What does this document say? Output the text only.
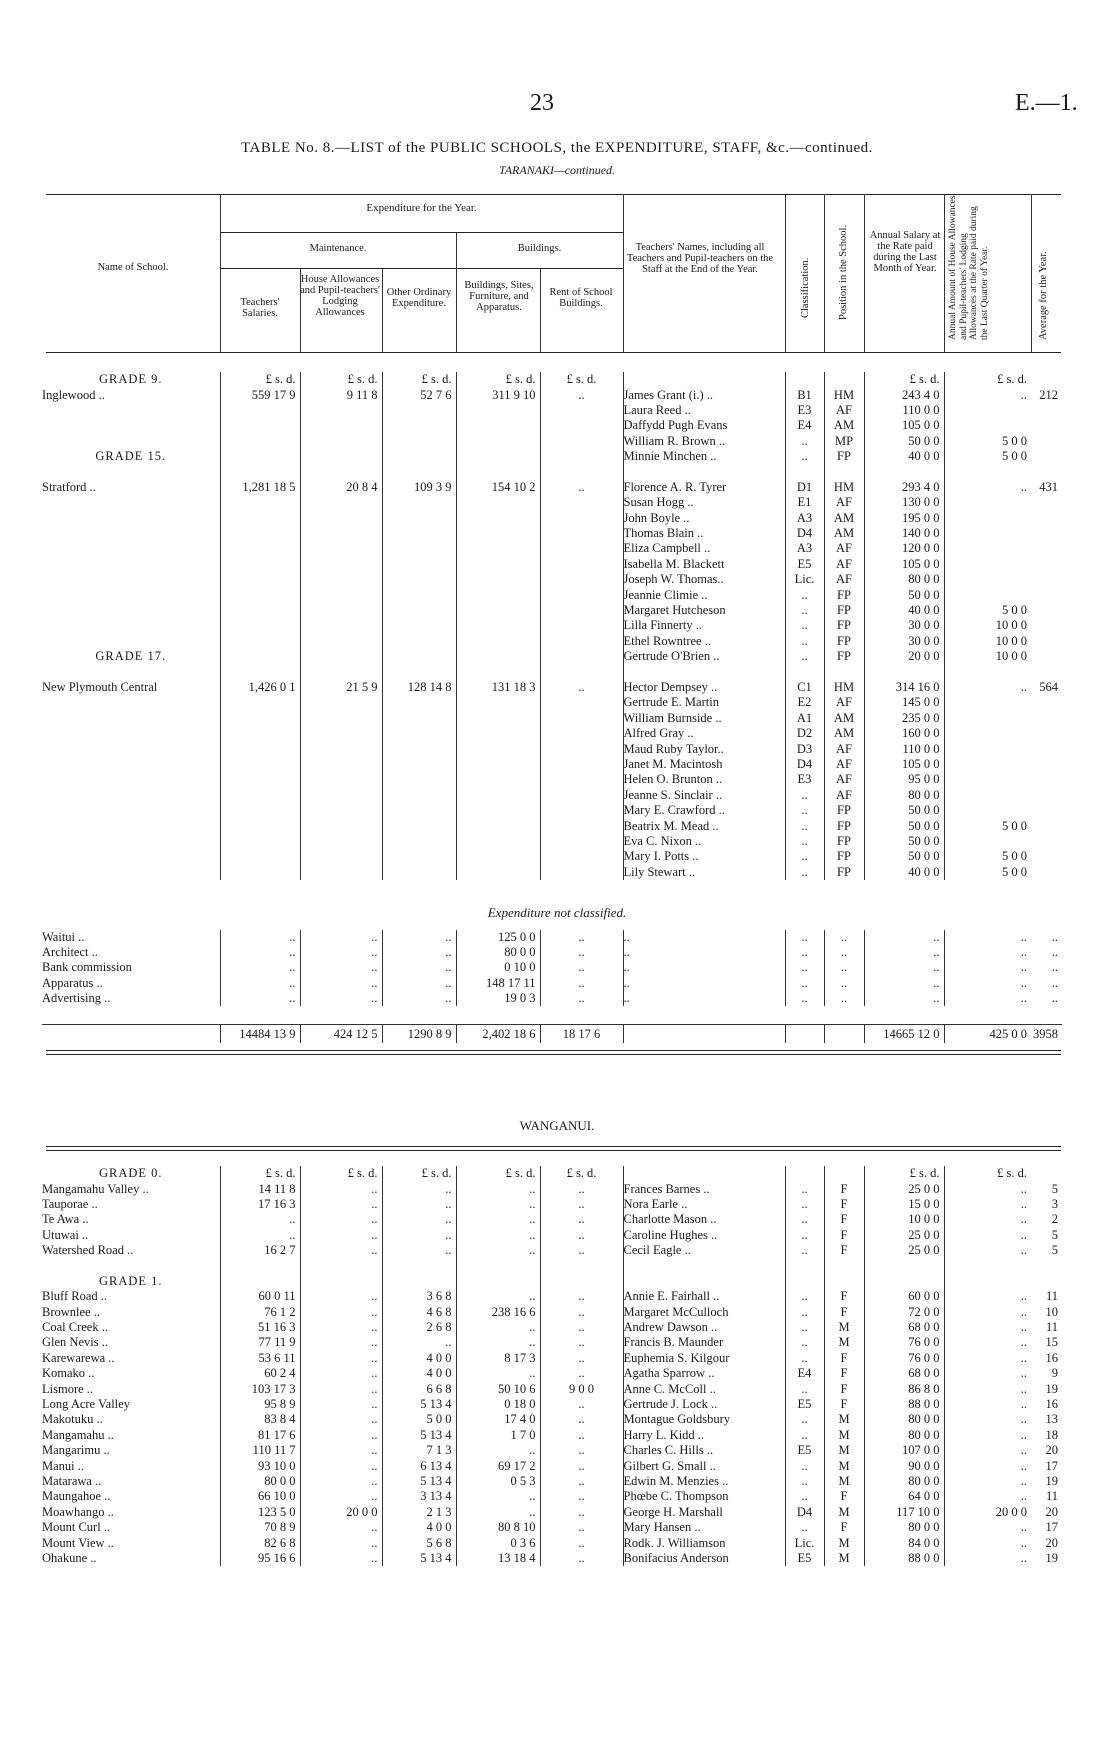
23	E.—1.
TABLE No. 8.—LIST of the PUBLIC SCHOOLS, the EXPENDITURE, STAFF, &c.—continued.
TARANAKI—continued.
Name of School.
Expenditure for the Year.
Maintenance.	Buildings.
Teachers' Salaries.
House Allowances and Pupil-teachers' Lodging Allowances
Other Ordinary Expenditure.
Buildings, Sites, Furniture, and Apparatus.
Rent of School Buildings.
Teachers' Names, including all Teachers and Pupil-teachers on the Staff at the End of the Year.	Classification.	Position in the School.	Annual Salary at the Rate paid during the Last Month of Year.	Annual Amount of House Allowances and Pupil-teachers' Lodging Allowances at the Rate paid during the Last Quarter of Year.	Average for the Year.
GRADE 9.	£ s. d.	£ s. d.	£ s. d.	£ s. d.	£ s. d.				£ s. d.	£ s. d.	
Inglewood ..	559 17 9	9 11 8	52 7 6	311 9 10	..	James Grant (i.) ..	B1	HM	243 4 0	..	212
						Laura Reed ..	E3	AF	110 0 0		
						Daffydd Pugh Evans	E4	AM	105 0 0		
						William R. Brown ..	..	MP	50 0 0	5 0 0	
GRADE 15.						Minnie Minchen ..	..	FP	40 0 0	5 0 0	

Stratford ..	1,281 18 5	20 8 4	109 3 9	154 10 2	..	Florence A. R. Tyrer	D1	HM	293 4 0	..	431
						Susan Hogg ..	E1	AF	130 0 0		
						John Boyle ..	A3	AM	195 0 0		
						Thomas Blain ..	D4	AM	140 0 0		
						Eliza Campbell ..	A3	AF	120 0 0		
						Isabella M. Blackett	E5	AF	105 0 0		
						Joseph W. Thomas..	Lic.	AF	80 0 0		
						Jeannie Climie ..	..	FP	50 0 0		
						Margaret Hutcheson	..	FP	40 0 0	5 0 0	
						Lilla Finnerty ..	..	FP	30 0 0	10 0 0	
						Ethel Rowntree ..	..	FP	30 0 0	10 0 0	
GRADE 17.						Gertrude O'Brien ..	..	FP	20 0 0	10 0 0	

New Plymouth Central	1,426 0 1	21 5 9	128 14 8	131 18 3	..	Hector Dempsey ..	C1	HM	314 16 0	..	564
						Gertrude E. Martin	E2	AF	145 0 0		
						William Burnside ..	A1	AM	235 0 0		
						Alfred Gray ..	D2	AM	160 0 0		
						Maud Ruby Taylor..	D3	AF	110 0 0		
						Janet M. Macintosh	D4	AF	105 0 0		
						Helen O. Brunton ..	E3	AF	95 0 0		
						Jeanne S. Sinclair ..	..	AF	80 0 0		
						Mary E. Crawford ..	..	FP	50 0 0		
						Beatrix M. Mead ..	..	FP	50 0 0	5 0 0	
						Eva C. Nixon ..	..	FP	50 0 0		
						Mary I. Potts ..	..	FP	50 0 0	5 0 0	
						Lily Stewart ..	..	FP	40 0 0	5 0 0	
Expenditure not classified.
Waitui ..	..	..	..	125 0 0	..	..	..	..	..	..	..
Architect ..	..	..	..	80 0 0	..	..	..	..	..	..	..
Bank commission	..	..	..	0 10 0	..	..	..	..	..	..	..
Apparatus ..	..	..	..	148 17 11	..	..	..	..	..	..	..
Advertising ..	..	..	..	19 0 3	..	..	..	..	..	..	..
	14484 13 9	424 12 5	1290 8 9	2,402 18 6	18 17 6				14665 12 0	425 0 0	3958
WANGANUI.
GRADE 0.	£ s. d.	£ s. d.	£ s. d.	£ s. d.	£ s. d.				£ s. d.	£ s. d.	
Mangamahu Valley ..	14 11 8	..	..	..	..	Frances Barnes ..	..	F	25 0 0	..	5
Tauporae ..	17 16 3	..	..	..	..	Nora Earle ..	..	F	15 0 0	..	3
Te Awa ..	..	..	..	..	..	Charlotte Mason ..	..	F	10 0 0	..	2
Utuwai ..	..	..	..	..	..	Caroline Hughes ..	..	F	25 0 0	..	5
Watershed Road ..	16 2 7	..	..	..	..	Cecil Eagle ..	..	F	25 0 0	..	5

GRADE 1.											
Bluff Road ..	60 0 11	..	3 6 8	..	..	Annie E. Fairhall ..	..	F	60 0 0	..	11
Brownlee ..	76 1 2	..	4 6 8	238 16 6	..	Margaret McCulloch	..	F	72 0 0	..	10
Coal Creek ..	51 16 3	..	2 6 8	..	..	Andrew Dawson ..	..	M	68 0 0	..	11
Glen Nevis ..	77 11 9	..	..	..	..	Francis B. Maunder	..	M	76 0 0	..	15
Karewarewa ..	53 6 11	..	4 0 0	8 17 3	..	Euphemia S. Kilgour	..	F	76 0 0	..	16
Komako ..	60 2 4	..	4 0 0	..	..	Agatha Sparrow ..	E4	F	68 0 0	..	9
Lismore ..	103 17 3	..	6 6 8	50 10 6	9 0 0	Anne C. McColl ..	..	F	86 8 0	..	19
Long Acre Valley	95 8 9	..	5 13 4	0 18 0	..	Gertrude J. Lock ..	E5	F	88 0 0	..	16
Makotuku ..	83 8 4	..	5 0 0	17 4 0	..	Montague Goldsbury	..	M	80 0 0	..	13
Mangamahu ..	81 17 6	..	5 13 4	1 7 0	..	Harry L. Kidd ..	..	M	80 0 0	..	18
Mangarimu ..	110 11 7	..	7 1 3	..	..	Charles C. Hills ..	E5	M	107 0 0	..	20
Manui ..	93 10 0	..	6 13 4	69 17 2	..	Gilbert G. Small ..	..	M	90 0 0	..	17
Matarawa ..	80 0 0	..	5 13 4	0 5 3	..	Edwin M. Menzies ..	..	M	80 0 0	..	19
Maungahoe ..	66 10 0	..	3 13 4	..	..	Phœbe C. Thompson	..	F	64 0 0	..	11
Moawhango ..	123 5 0	20 0 0	2 1 3	..	..	George H. Marshall	D4	M	117 10 0	20 0 0	20
Mount Curl ..	70 8 9	..	4 0 0	80 8 10	..	Mary Hansen ..	..	F	80 0 0	..	17
Mount View ..	82 6 8	..	5 6 8	0 3 6	..	Rodk. J. Williamson	Lic.	M	84 0 0	..	20
Ohakune ..	95 16 6	..	5 13 4	13 18 4	..	Bonifacius Anderson	E5	M	88 0 0	..	19
